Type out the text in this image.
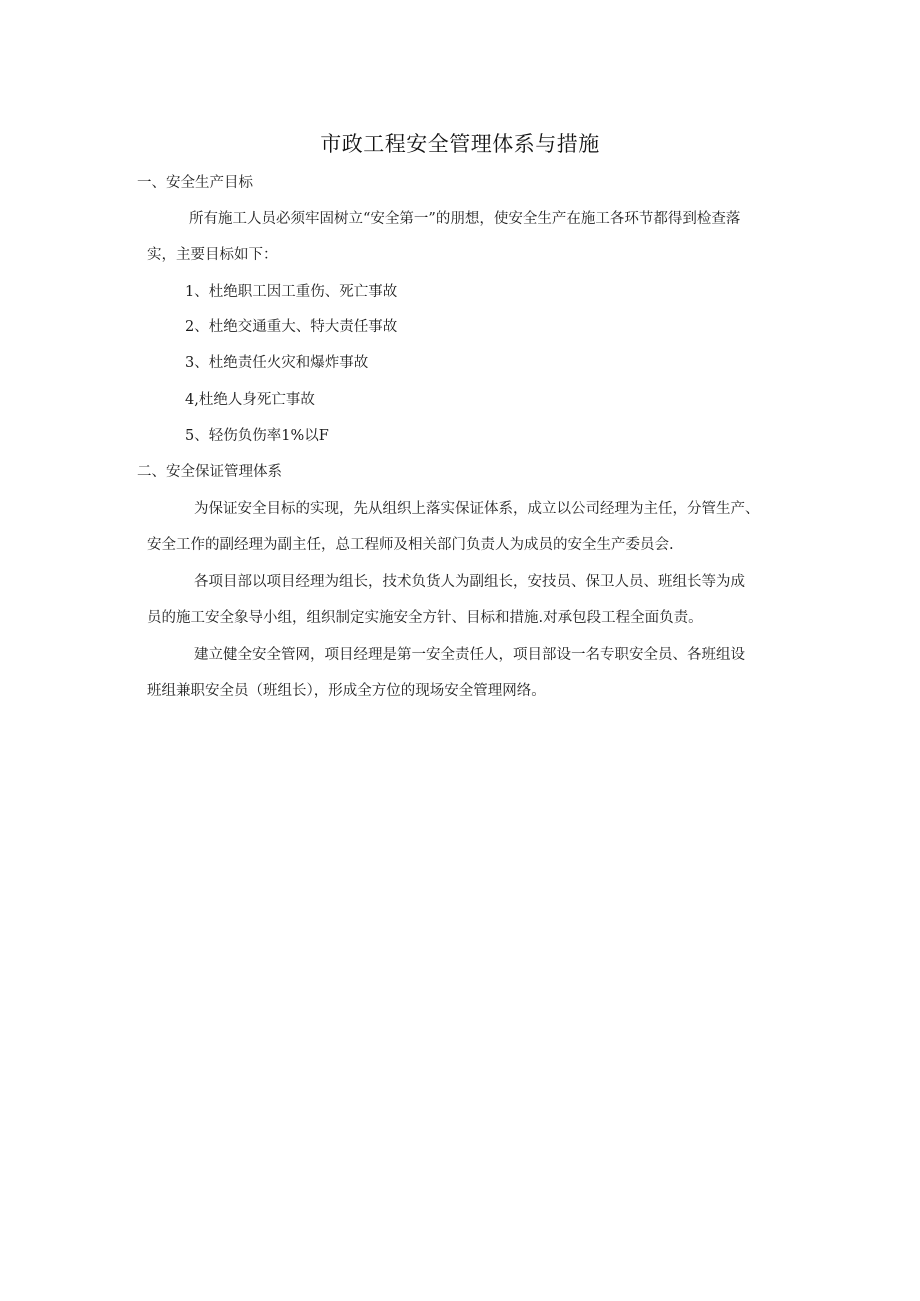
市政工程安全管理体系与措施
一、安全生产目标
所有施工人员必须牢固树立“安全第一”的朋想，使安全生产在施工各环节都得到检查落
实，主要目标如下：
1、杜绝职工因工重伤、死亡事故
2、杜绝交通重大、特大责任事故
3、杜绝责任火灾和爆炸事故
4,杜绝人身死亡事故
5、轻伤负伤率1%以F
二、安全保证管理体系
为保证安全目标的实现，先从组织上落实保证体系，成立以公司经理为主任，分管生产、
安全工作的副经理为副主任，总工程师及相关部门负责人为成员的安全生产委员会.
各项目部以项目经理为组长，技术负货人为副组长，安技员、保卫人员、班组长等为成
员的施工安全象导小组，组织制定实施安全方针、目标和措施.对承包段工程全面负责。
建立健全安全管网，项目经理是第一安全责任人，项目部设一名专职安全员、各班组设
班组兼职安全员（班组长），形成全方位的现场安全管理网络。
